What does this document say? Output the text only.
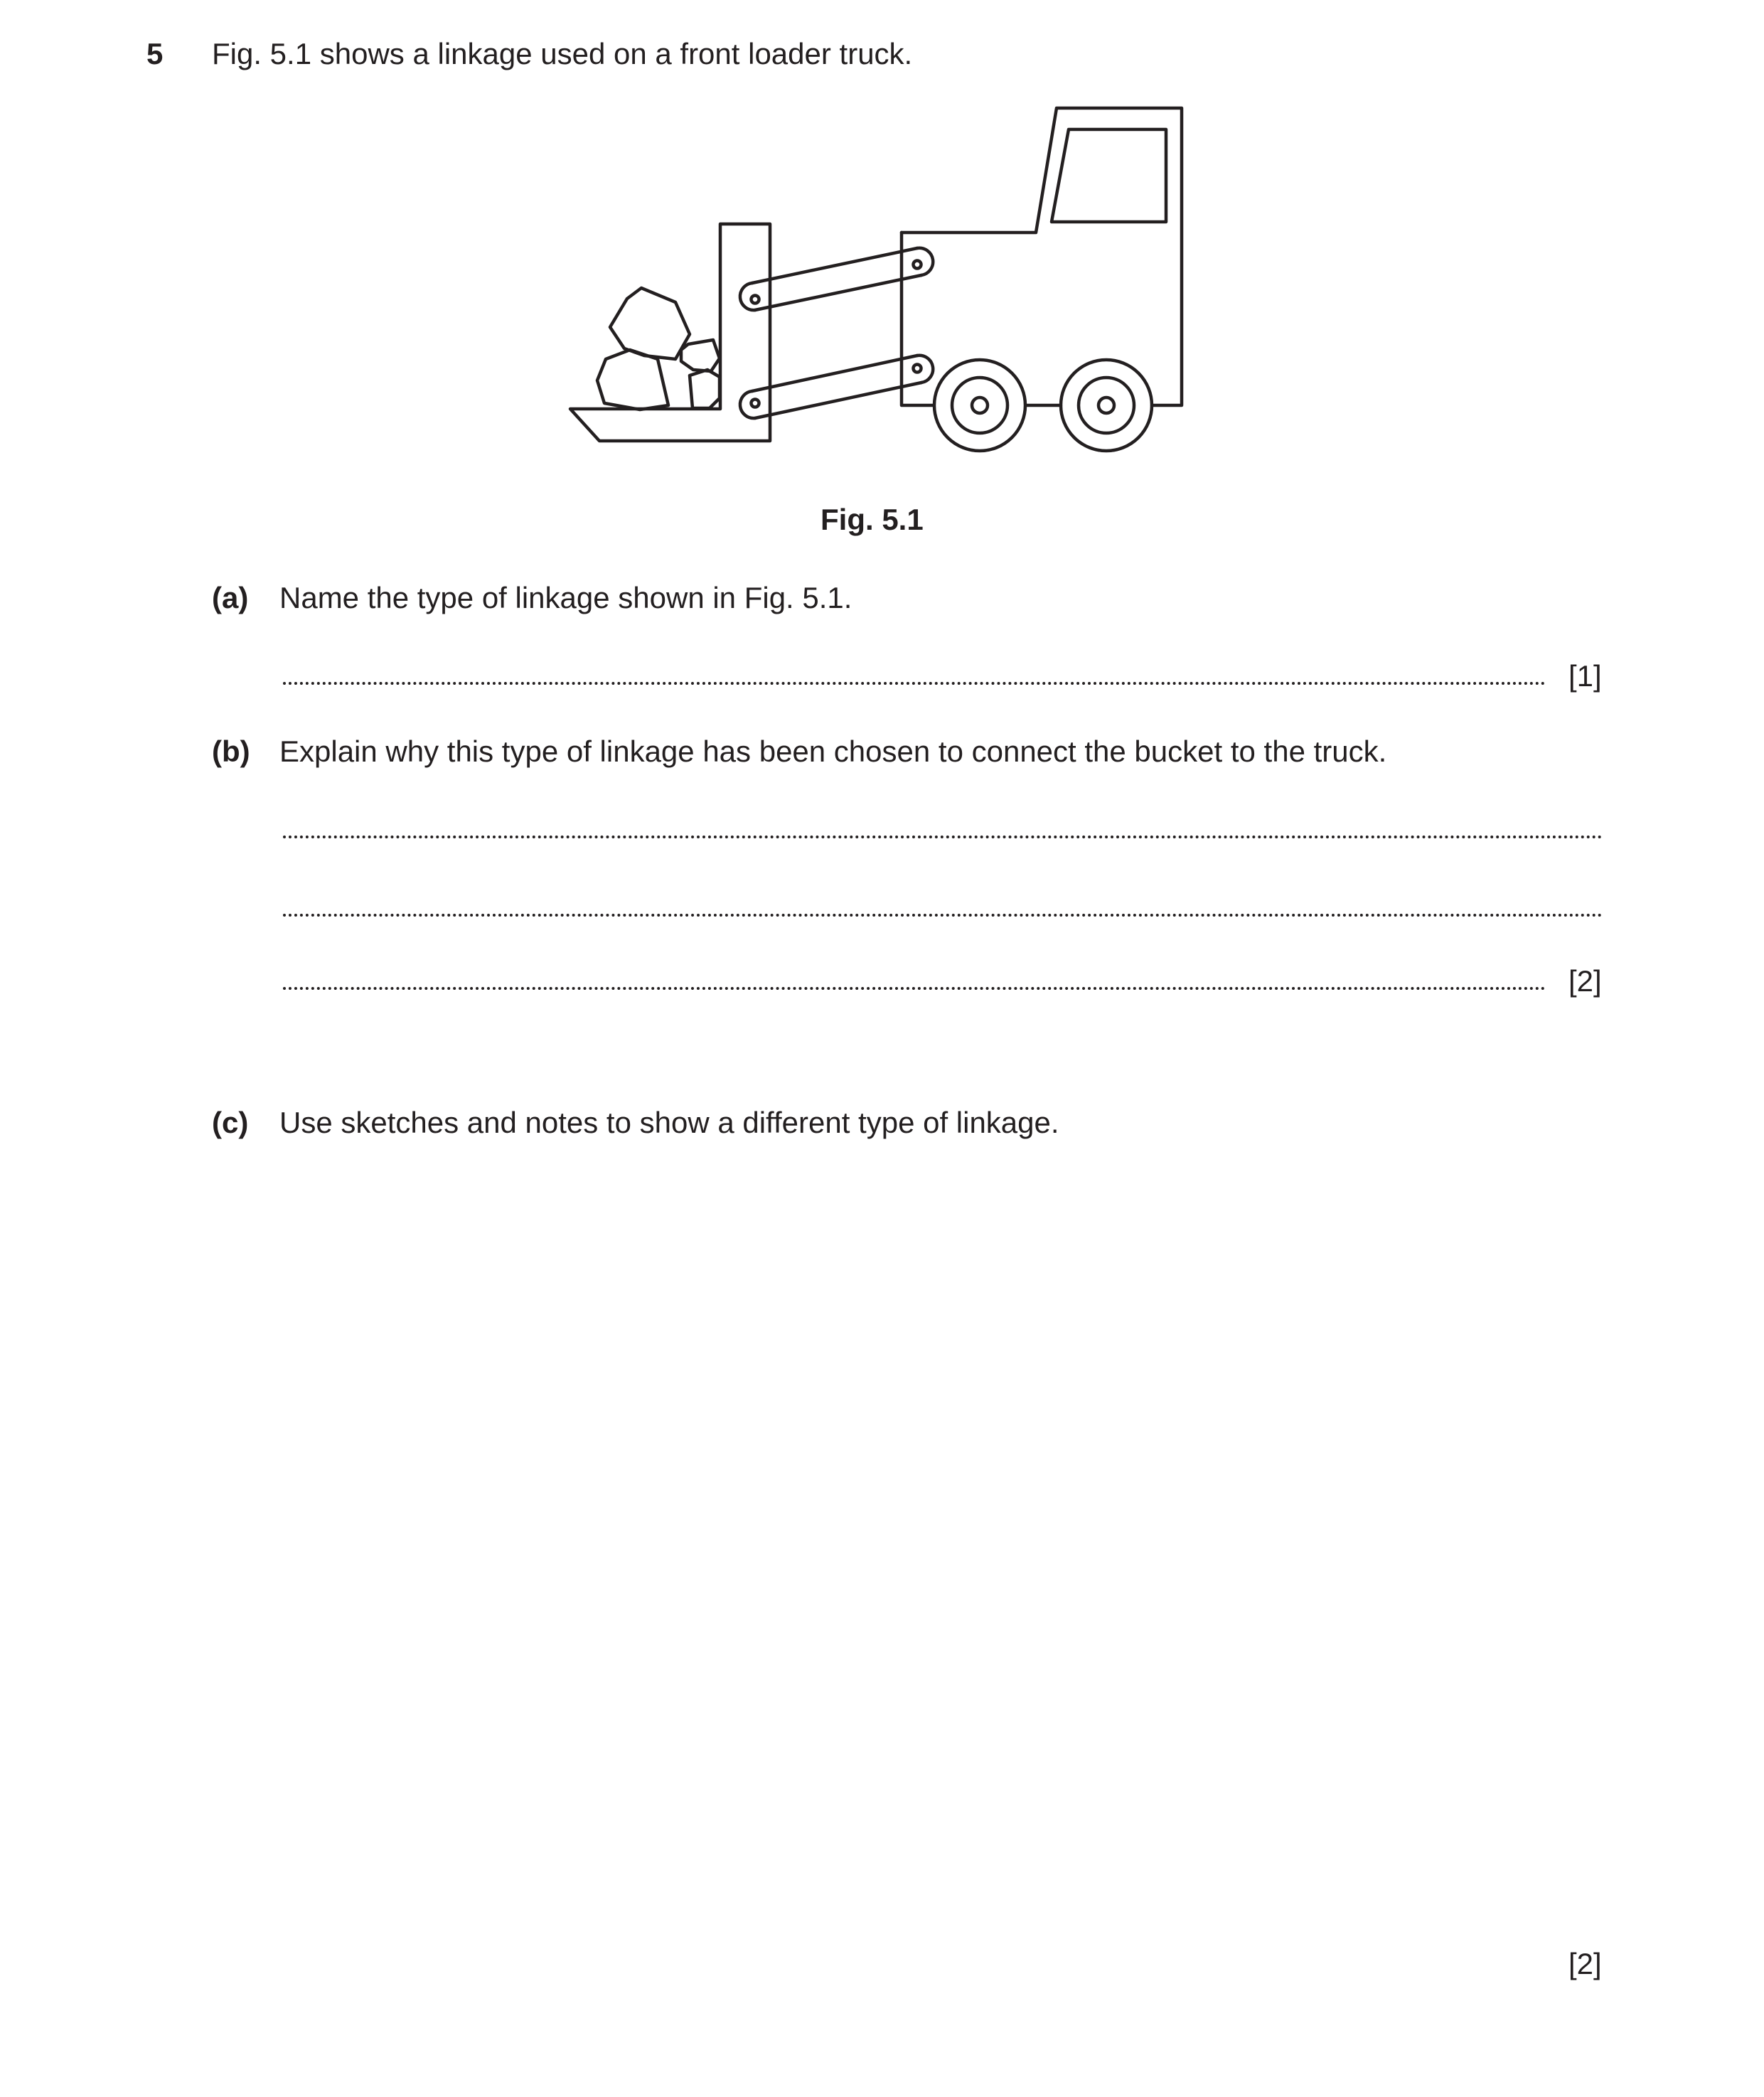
5 Fig. 5.1 shows a linkage used on a front loader truck.
Fig. 5.1
(a) Name the type of linkage shown in Fig. 5.1.
[1]
(b) Explain why this type of linkage has been chosen to connect the bucket to the truck.
[2]
(c) Use sketches and notes to show a different type of linkage.
[2]
